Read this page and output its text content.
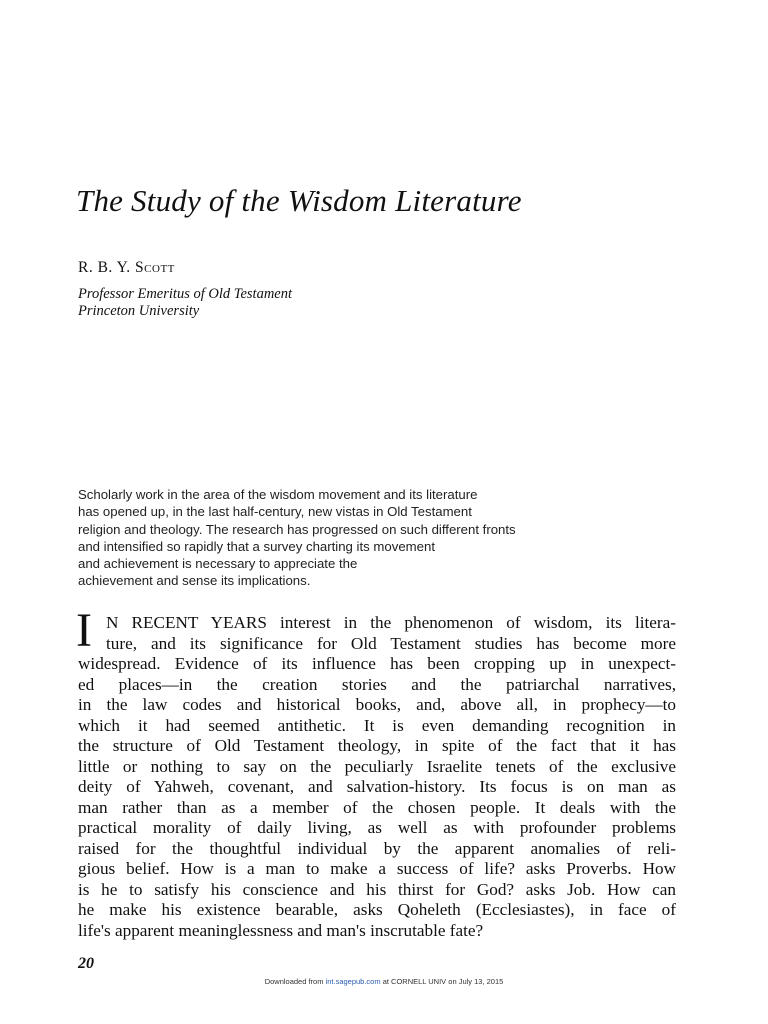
The Study of the Wisdom Literature
R. B. Y. Scott
Professor Emeritus of Old Testament
Princeton University
Scholarly work in the area of the wisdom movement and its literature
has opened up, in the last half-century, new vistas in Old Testament
religion and theology. The research has progressed on such different fronts
and intensified so rapidly that a survey charting its movement
and achievement is necessary to appreciate the
achievement and sense its implications.
I N RECENT YEARS interest in the phenomenon of wisdom, its litera-
ture, and its significance for Old Testament studies has become more
widespread. Evidence of its influence has been cropping up in unexpect-
ed places—in the creation stories and the patriarchal narratives,
in the law codes and historical books, and, above all, in prophecy—to
which it had seemed antithetic. It is even demanding recognition in
the structure of Old Testament theology, in spite of the fact that it has
little or nothing to say on the peculiarly Israelite tenets of the exclusive
deity of Yahweh, covenant, and salvation-history. Its focus is on man as
man rather than as a member of the chosen people. It deals with the
practical morality of daily living, as well as with profounder problems
raised for the thoughtful individual by the apparent anomalies of reli-
gious belief. How is a man to make a success of life? asks Proverbs. How
is he to satisfy his conscience and his thirst for God? asks Job. How can
he make his existence bearable, asks Qoheleth (Ecclesiastes), in face of
life's apparent meaninglessness and man's inscrutable fate?
20
Downloaded from int.sagepub.com at CORNELL UNIV on July 13, 2015
